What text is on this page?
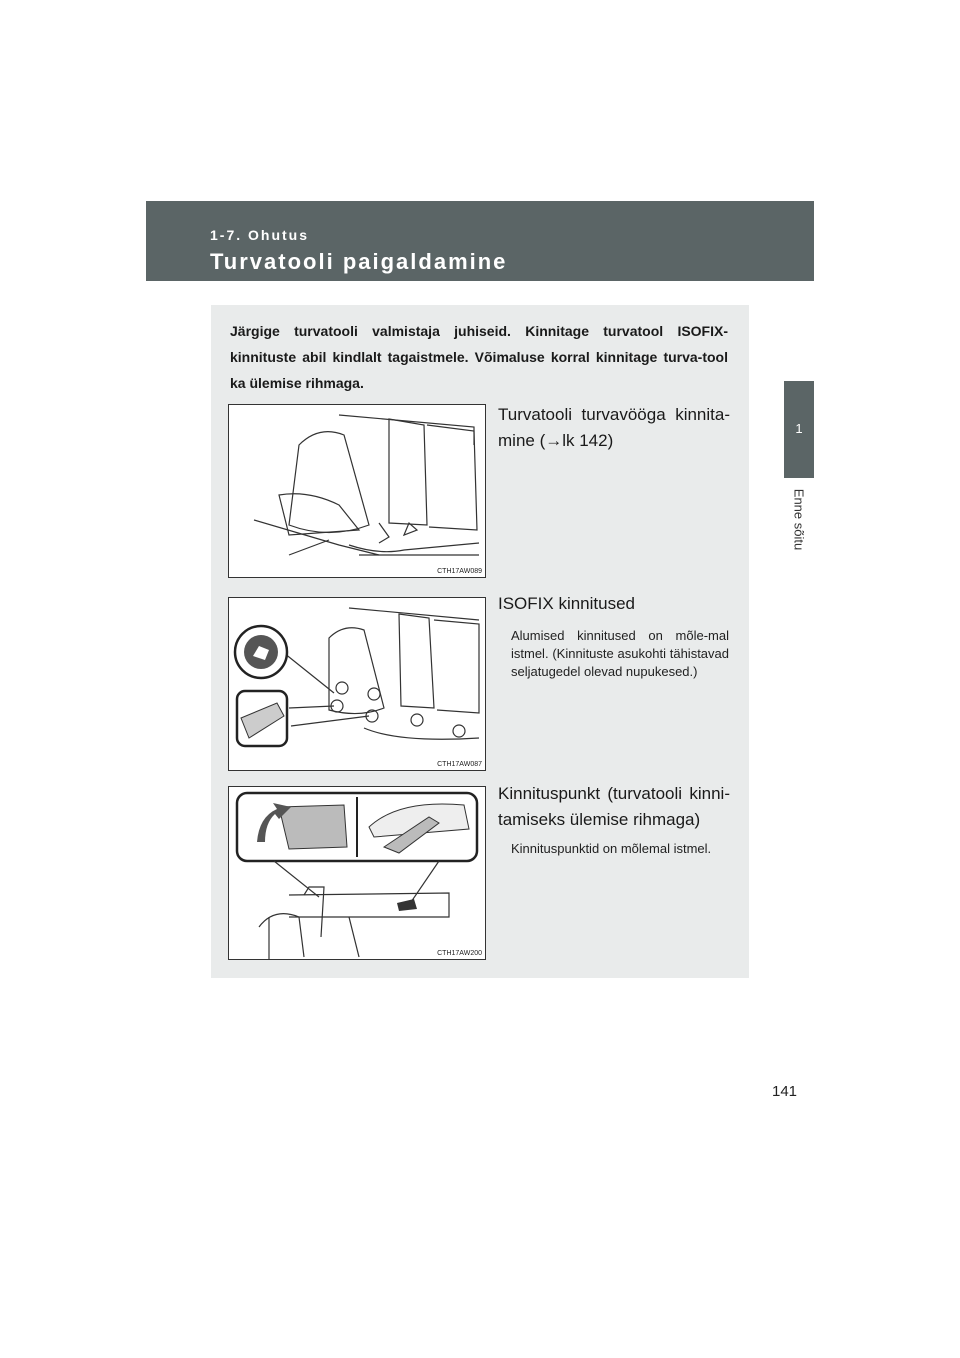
1-7. Ohutus
Turvatooli paigaldamine
1
Enne sõitu
Järgige turvatooli valmistaja juhiseid. Kinnitage turvatool ISOFIX-kinnituste abil kindlalt tagaistmele. Võimaluse korral kinnitage turva-tool ka ülemise rihmaga.
CTH17AW089
CTH17AW087
CTH17AW200
Turvatooli turvavööga kinnita-mine (→lk 142)
ISOFIX kinnitused
Alumised kinnitused on mõle-mal istmel. (Kinnituste asukohti tähistavad seljatugedel olevad nupukesed.)
Kinnituspunkt (turvatooli kinni-tamiseks ülemise rihmaga)
Kinnituspunktid on mõlemal istmel.
141
